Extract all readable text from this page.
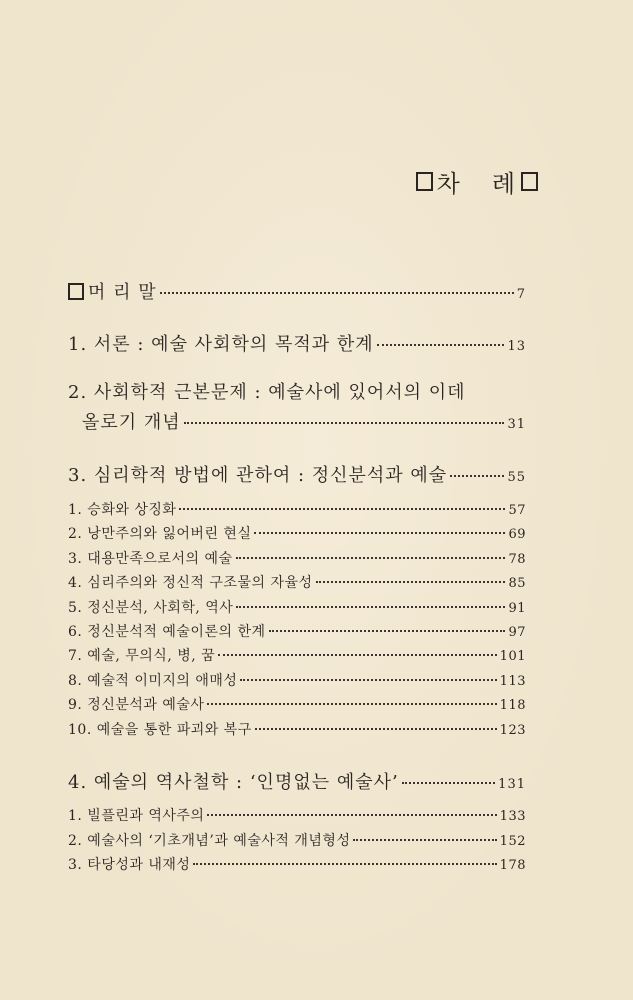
차 례
머 리 말	7
1. 서론 : 예술 사회학의 목적과 한계	13
2. 사회학적 근본문제 : 예술사에 있어서의 이데
올로기 개념	31
3. 심리학적 방법에 관하여 : 정신분석과 예술	55
1. 승화와 상징화	57
2. 낭만주의와 잃어버린 현실	69
3. 대용만족으로서의 예술	78
4. 심리주의와 정신적 구조물의 자율성	85
5. 정신분석, 사회학, 역사	91
6. 정신분석적 예술이론의 한계	97
7. 예술, 무의식, 병, 꿈	101
8. 예술적 이미지의 애매성	113
9. 정신분석과 예술사	118
10. 예술을 통한 파괴와 복구	123
4. 예술의 역사철학 : ‘인명없는 예술사’	131
1. 빌플린과 역사주의	133
2. 예술사의 ‘기초개념’과 예술사적 개념형성	152
3. 타당성과 내재성	178
